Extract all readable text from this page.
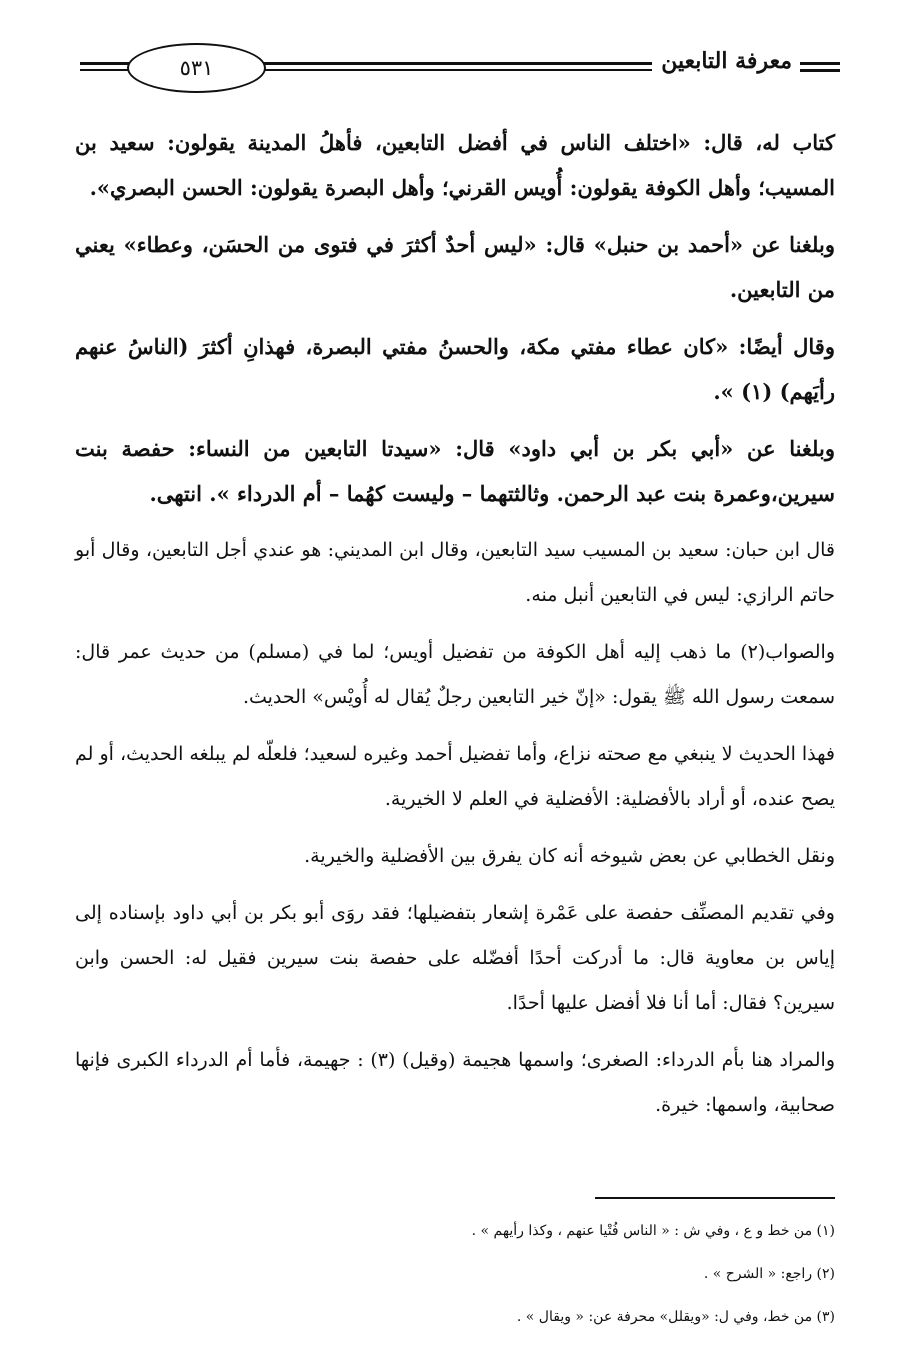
٥٣١	معرفة التابعين

كتاب له، قال: «اختلف الناس في أفضل التابعين، فأهلُ المدينة يقولون: سعيد بن المسيب؛ وأهل الكوفة يقولون: أُويس القرني؛ وأهل البصرة يقولون: الحسن البصري».

وبلغنا عن «أحمد بن حنبل» قال: «ليس أحدٌ أكثرَ في فتوى من الحسَن، وعطاء» يعني من التابعين.

وقال أيضًا: «كان عطاء مفتي مكة، والحسنُ مفتي البصرة، فهذانِ أكثرَ (الناسُ عنهم رأيَهم) (١) ».

وبلغنا عن «أبي بكر بن أبي داود» قال: «سيدتا التابعين من النساء: حفصة بنت سيرين،وعمرة بنت عبد الرحمن. وثالثتهما – وليست كهُما – أم الدرداء ». انتهى.

قال ابن حبان: سعيد بن المسيب سيد التابعين، وقال ابن المديني: هو عندي أجل التابعين، وقال أبو حاتم الرازي: ليس في التابعين أنبل منه.

والصواب(٢) ما ذهب إليه أهل الكوفة من تفضيل أويس؛ لما في (مسلم) من حديث عمر قال: سمعت رسول الله ﷺ يقول: «إنّ خير التابعين رجلٌ يُقال له أُويْس» الحديث.

فهذا الحديث لا ينبغي مع صحته نزاع، وأما تفضيل أحمد وغيره لسعيد؛ فلعلّه لم يبلغه الحديث، أو لم يصح عنده، أو أراد بالأفضلية: الأفضلية في العلم لا الخيرية.

ونقل الخطابي عن بعض شيوخه أنه كان يفرق بين الأفضلية والخيرية.

وفي تقديم المصنِّف حفصة على عَمْرة إشعار بتفضيلها؛ فقد روَى أبو بكر بن أبي داود بإسناده إلى إياس بن معاوية قال: ما أدركت أحدًا أفضّله على حفصة بنت سيرين فقيل له: الحسن وابن سيرين؟ فقال: أما أنا فلا أفضل عليها أحدًا.

والمراد هنا بأم الدرداء: الصغرى؛ واسمها هجيمة (وقيل) (٣) : جهيمة، فأما أم الدرداء الكبرى فإنها صحابية، واسمها: خيرة.

(١) من خط و ع ، وفي ش : « الناس فُتْيا عنهم ، وكذا رأيهم » .

(٢) راجع: « الشرح » .

(٣) من خط، وفي ل: «ويقلل» محرفة عن: « ويقال » .
